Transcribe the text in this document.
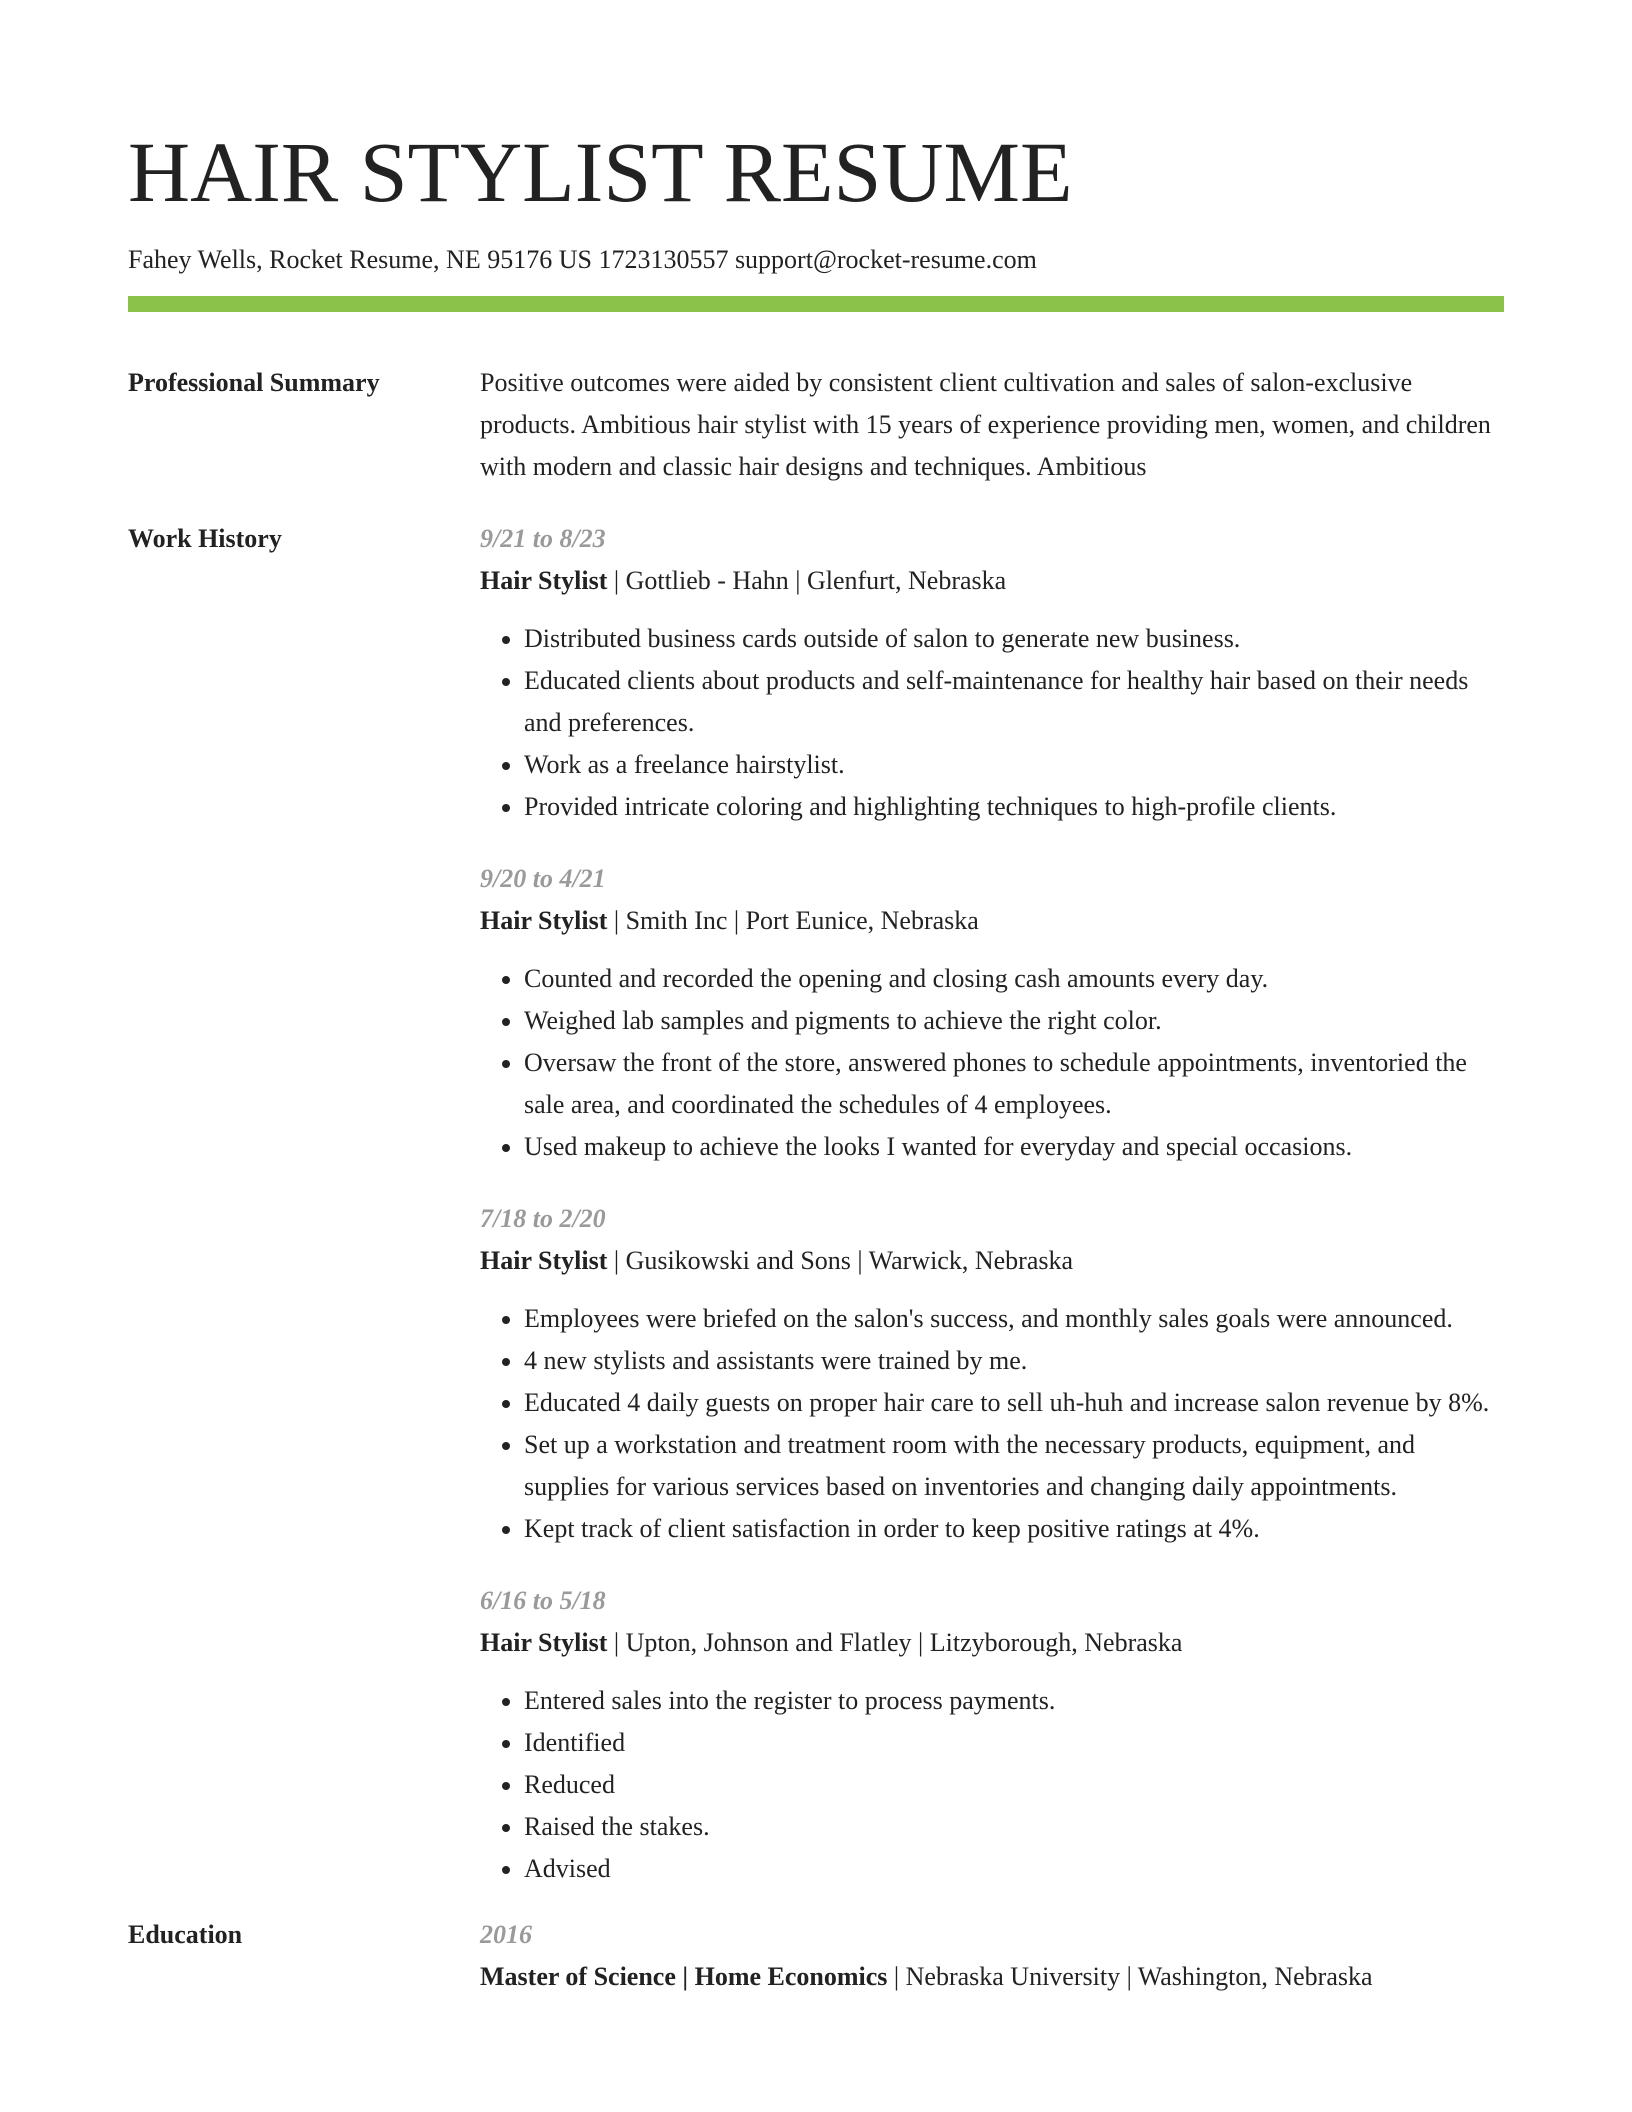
HAIR STYLIST RESUME
Fahey Wells, Rocket Resume, NE 95176 US 1723130557 support@rocket-resume.com
Professional Summary	Positive outcomes were aided by consistent client cultivation and sales of salon-exclusive products. Ambitious hair stylist with 15 years of experience providing men, women, and children with modern and classic hair designs and techniques. Ambitious
Work History	9/21 to 8/23
Hair Stylist | Gottlieb - Hahn | Glenfurt, Nebraska
• Distributed business cards outside of salon to generate new business.
• Educated clients about products and self-maintenance for healthy hair based on their needs and preferences.
• Work as a freelance hairstylist.
• Provided intricate coloring and highlighting techniques to high-profile clients.
9/20 to 4/21
Hair Stylist | Smith Inc | Port Eunice, Nebraska
• Counted and recorded the opening and closing cash amounts every day.
• Weighed lab samples and pigments to achieve the right color.
• Oversaw the front of the store, answered phones to schedule appointments, inventoried the sale area, and coordinated the schedules of 4 employees.
• Used makeup to achieve the looks I wanted for everyday and special occasions.
7/18 to 2/20
Hair Stylist | Gusikowski and Sons | Warwick, Nebraska
• Employees were briefed on the salon's success, and monthly sales goals were announced.
• 4 new stylists and assistants were trained by me.
• Educated 4 daily guests on proper hair care to sell uh-huh and increase salon revenue by 8%.
• Set up a workstation and treatment room with the necessary products, equipment, and supplies for various services based on inventories and changing daily appointments.
• Kept track of client satisfaction in order to keep positive ratings at 4%.
6/16 to 5/18
Hair Stylist | Upton, Johnson and Flatley | Litzyborough, Nebraska
• Entered sales into the register to process payments.
• Identified
• Reduced
• Raised the stakes.
• Advised
Education	2016
Master of Science | Home Economics | Nebraska University | Washington, Nebraska
